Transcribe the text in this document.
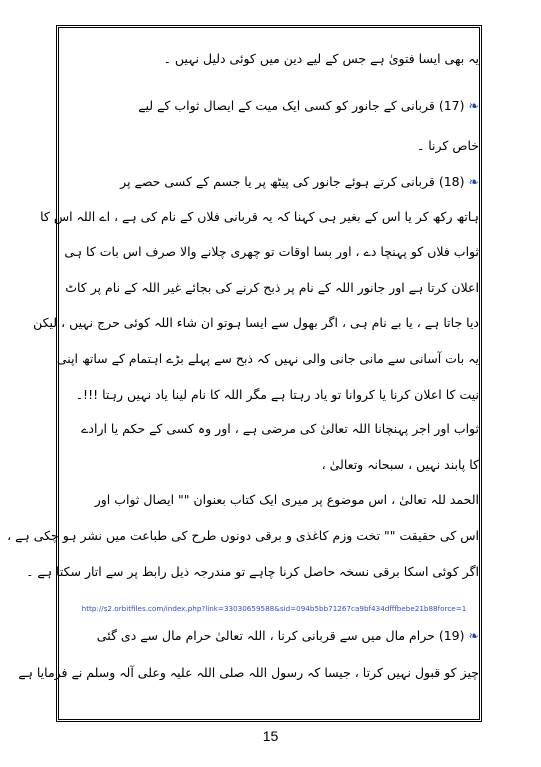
یہ بھی ایسا فتویٰ ہے جس کے لیے دین میں کوئی دلیل نہیں ۔
❧ (17) قربانی کے جانور کو کسی ایک میت کے ایصال ثواب کے لیے
خاص کرنا ۔
❧ (18) قربانی کرتے ہوئے جانور کی پیٹھ پر یا جسم کے کسی حصے پر
ہاتھ رکھ کر یا اس کے بغیر ہی کہنا کہ یہ قربانی فلاں کے نام کی ہے ، اے اللہ اس کا
ثواب فلاں کو پہنچا دے ، اور بسا اوقات تو چھری چلانے والا صرف اس بات کا ہی
اعلان کرتا ہے اور جانور اللہ کے نام پر ذبح کرنے کی بجائے غیر اللہ کے نام پر کاٹ
دیا جاتا ہے ، یا بے نام ہی ، اگر بھول سے ایسا ہوتو ان شاء اللہ کوئی حرج نہیں ، لیکن
یہ بات آسانی سے مانی جانی والی نہیں کہ ذبح سے پہلے بڑے اہتمام کے ساتھ اپنی
نیت کا اعلان کرنا یا کروانا تو یاد رہتا ہے مگر اللہ کا نام لینا یاد نہیں رہتا !!!۔
ثواب اور اجر پہنچانا اللہ تعالیٰ کی مرضی ہے ، اور وہ کسی کے حکم یا ارادے
کا پابند نہیں ، سبحانہ وتعالیٰ ،
الحمد للہ تعالیٰ ، اس موضوع پر میری ایک کتاب بعنوان "" ایصال ثواب اور
اس کی حقیقت "" تخت وزم کاغذی و برقی دونوں طرح کی طباعت میں نشر ہو چکی ہے ،
اگر کوئی اسکا برقی نسخہ حاصل کرنا چاہے تو مندرجہ ذیل رابط پر سے اتار سکتا ہے ۔
http://s2.orbitfiles.com/index.php?link=33030659588&sid=094b5bb71267ca9bf434dfffbebe21b88force=1
❧ (19) حرام مال میں سے قربانی کرنا ، اللہ تعالیٰ حرام مال سے دی گئی
چیز کو قبول نہیں کرتا ، جیسا کہ رسول اللہ صلی اللہ علیہ وعلی آلہ وسلم نے فرمایا ہے
15
